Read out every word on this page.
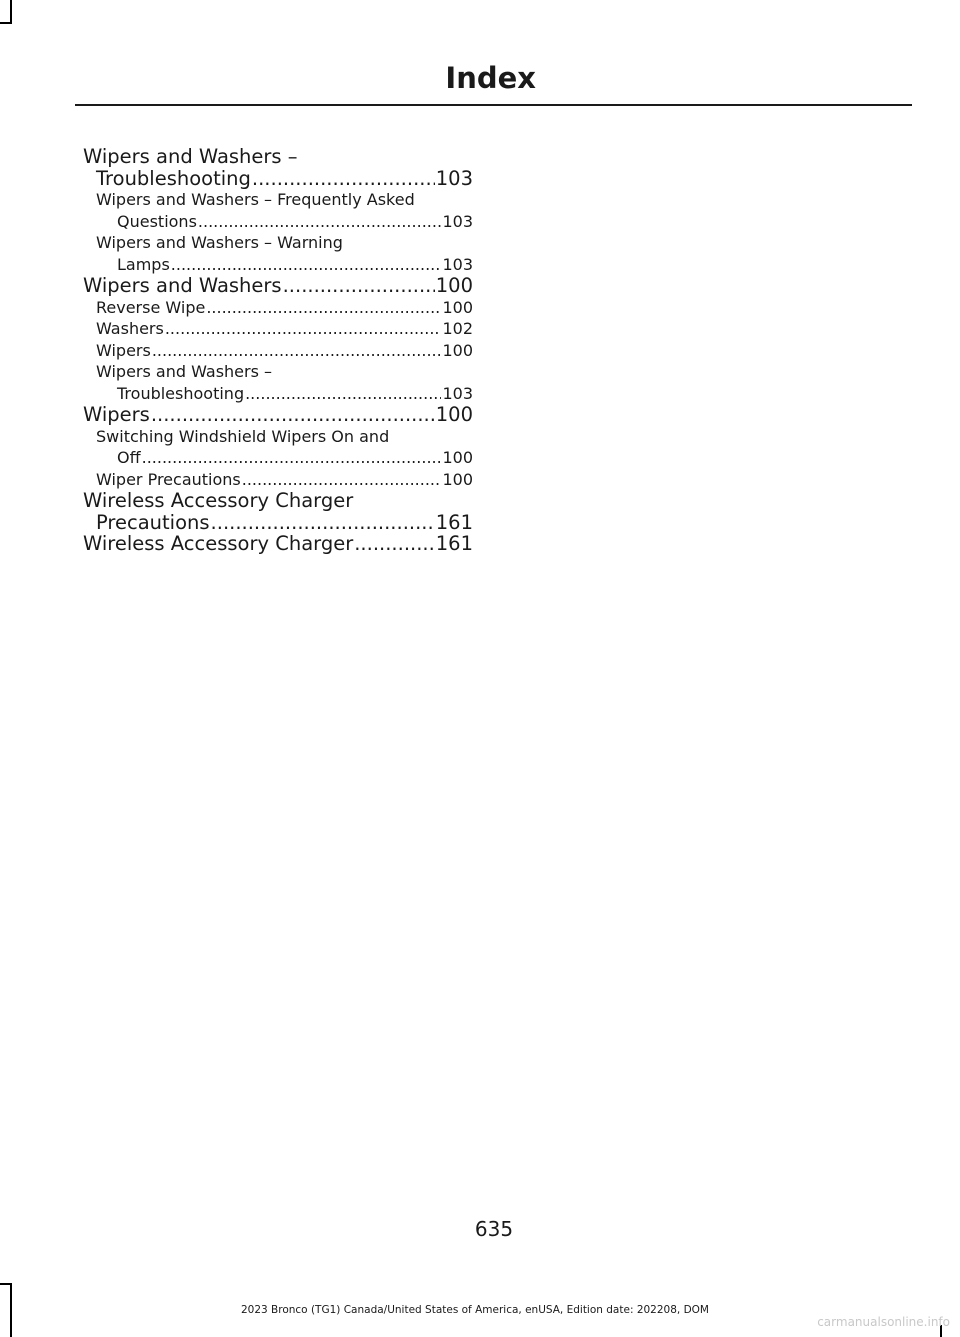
Index
Wipers and Washers –
Troubleshooting .....	103
Wipers and Washers – Frequently Asked
Questions .....	103
Wipers and Washers – Warning
Lamps .....	103
Wipers and Washers .....	100
Reverse Wipe .....	100
Washers .....	102
Wipers .....	100
Wipers and Washers –
Troubleshooting .....	103
Wipers .....	100
Switching Windshield Wipers On and
Off .....	100
Wiper Precautions .....	100
Wireless Accessory Charger
Precautions .....	161
Wireless Accessory Charger .....	161
635
2023 Bronco (TG1) Canada/United States of America, enUSA, Edition date: 202208, DOM
carmanualsonline.info
